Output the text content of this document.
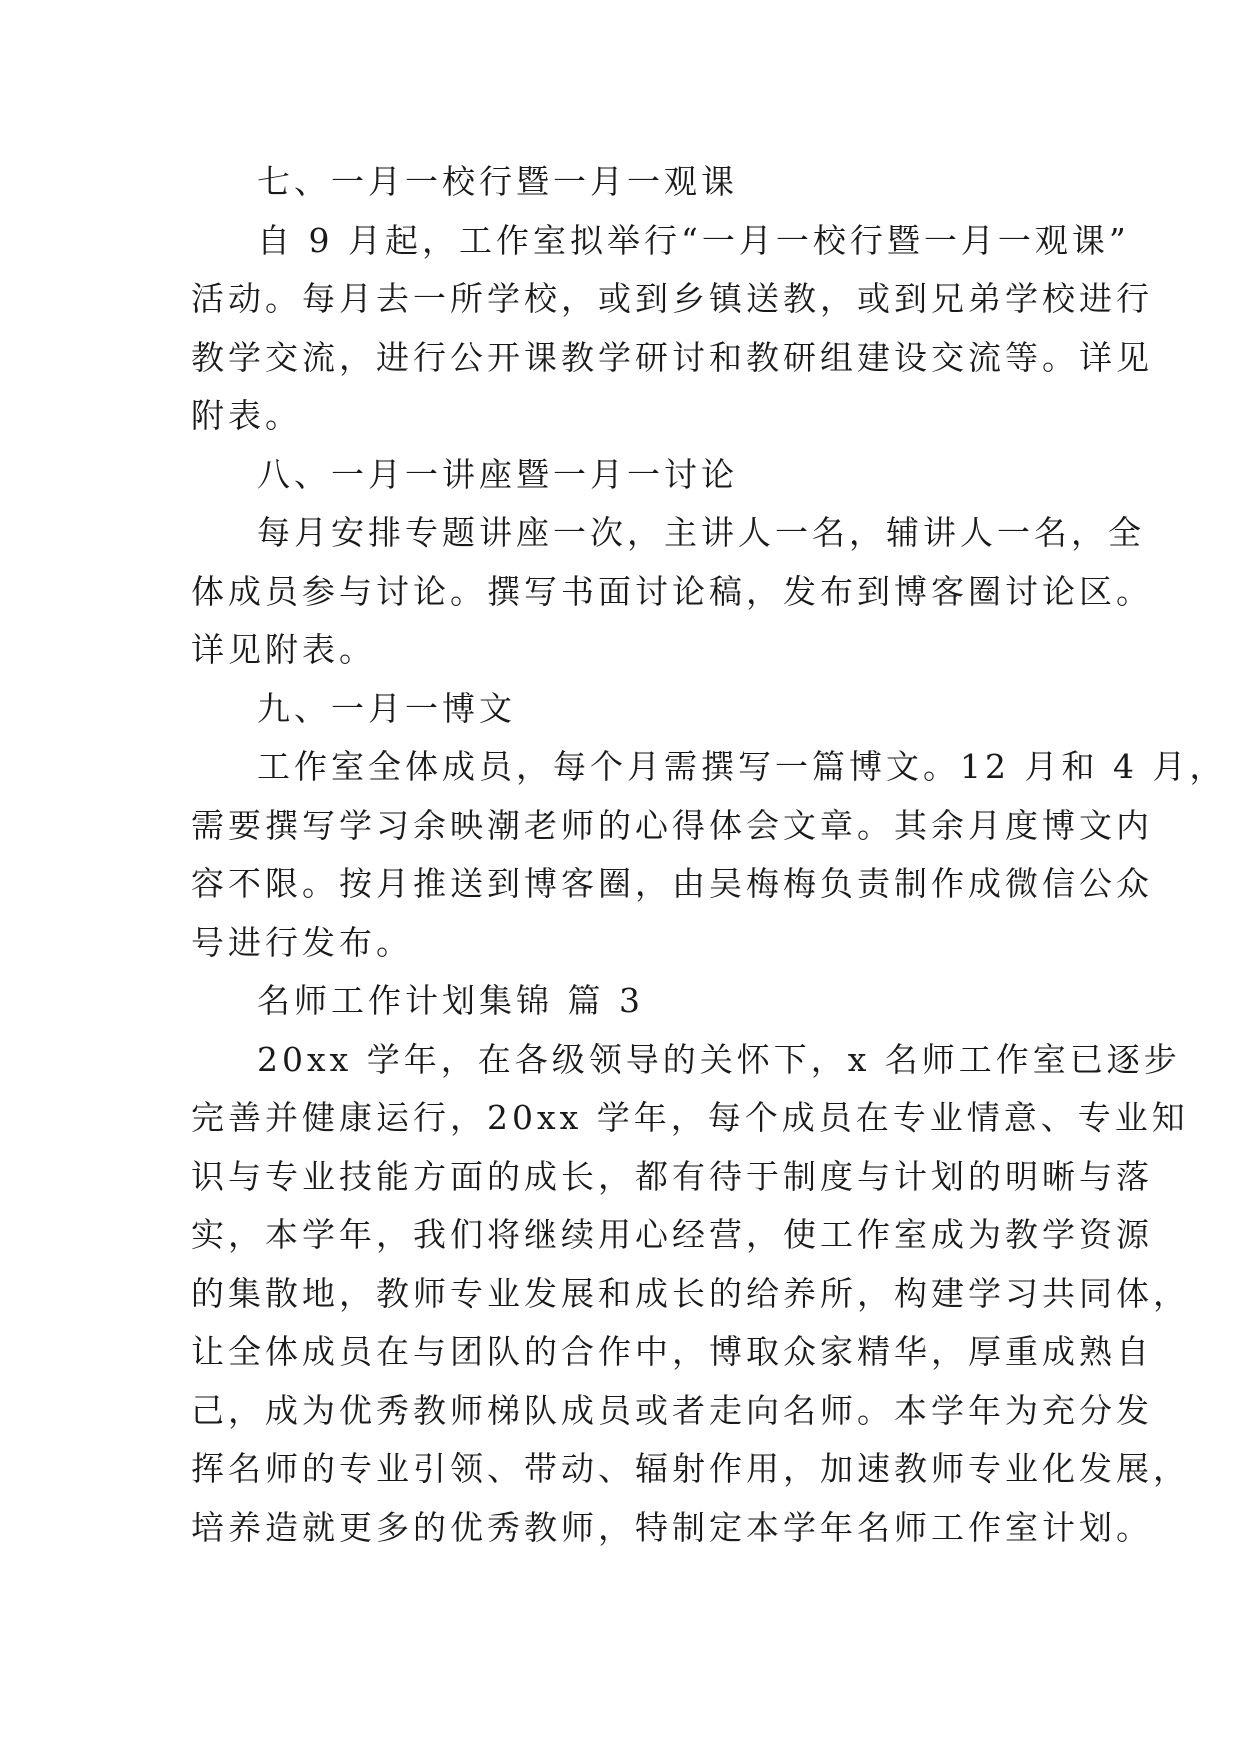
七、一月一校行暨一月一观课
自 9 月起，工作室拟举行“一月一校行暨一月一观课”
活动。每月去一所学校，或到乡镇送教，或到兄弟学校进行
教学交流，进行公开课教学研讨和教研组建设交流等。详见
附表。
八、一月一讲座暨一月一讨论
每月安排专题讲座一次，主讲人一名，辅讲人一名，全
体成员参与讨论。撰写书面讨论稿，发布到博客圈讨论区。
详见附表。
九、一月一博文
工作室全体成员，每个月需撰写一篇博文。12 月和 4 月，
需要撰写学习余映潮老师的心得体会文章。其余月度博文内
容不限。按月推送到博客圈，由吴梅梅负责制作成微信公众
号进行发布。
名师工作计划集锦 篇 3
20xx 学年，在各级领导的关怀下，x 名师工作室已逐步
完善并健康运行，20xx 学年，每个成员在专业情意、专业知
识与专业技能方面的成长，都有待于制度与计划的明晰与落
实，本学年，我们将继续用心经营，使工作室成为教学资源
的集散地，教师专业发展和成长的给养所，构建学习共同体，
让全体成员在与团队的合作中，博取众家精华，厚重成熟自
己，成为优秀教师梯队成员或者走向名师。本学年为充分发
挥名师的专业引领、带动、辐射作用，加速教师专业化发展，
培养造就更多的优秀教师，特制定本学年名师工作室计划。
